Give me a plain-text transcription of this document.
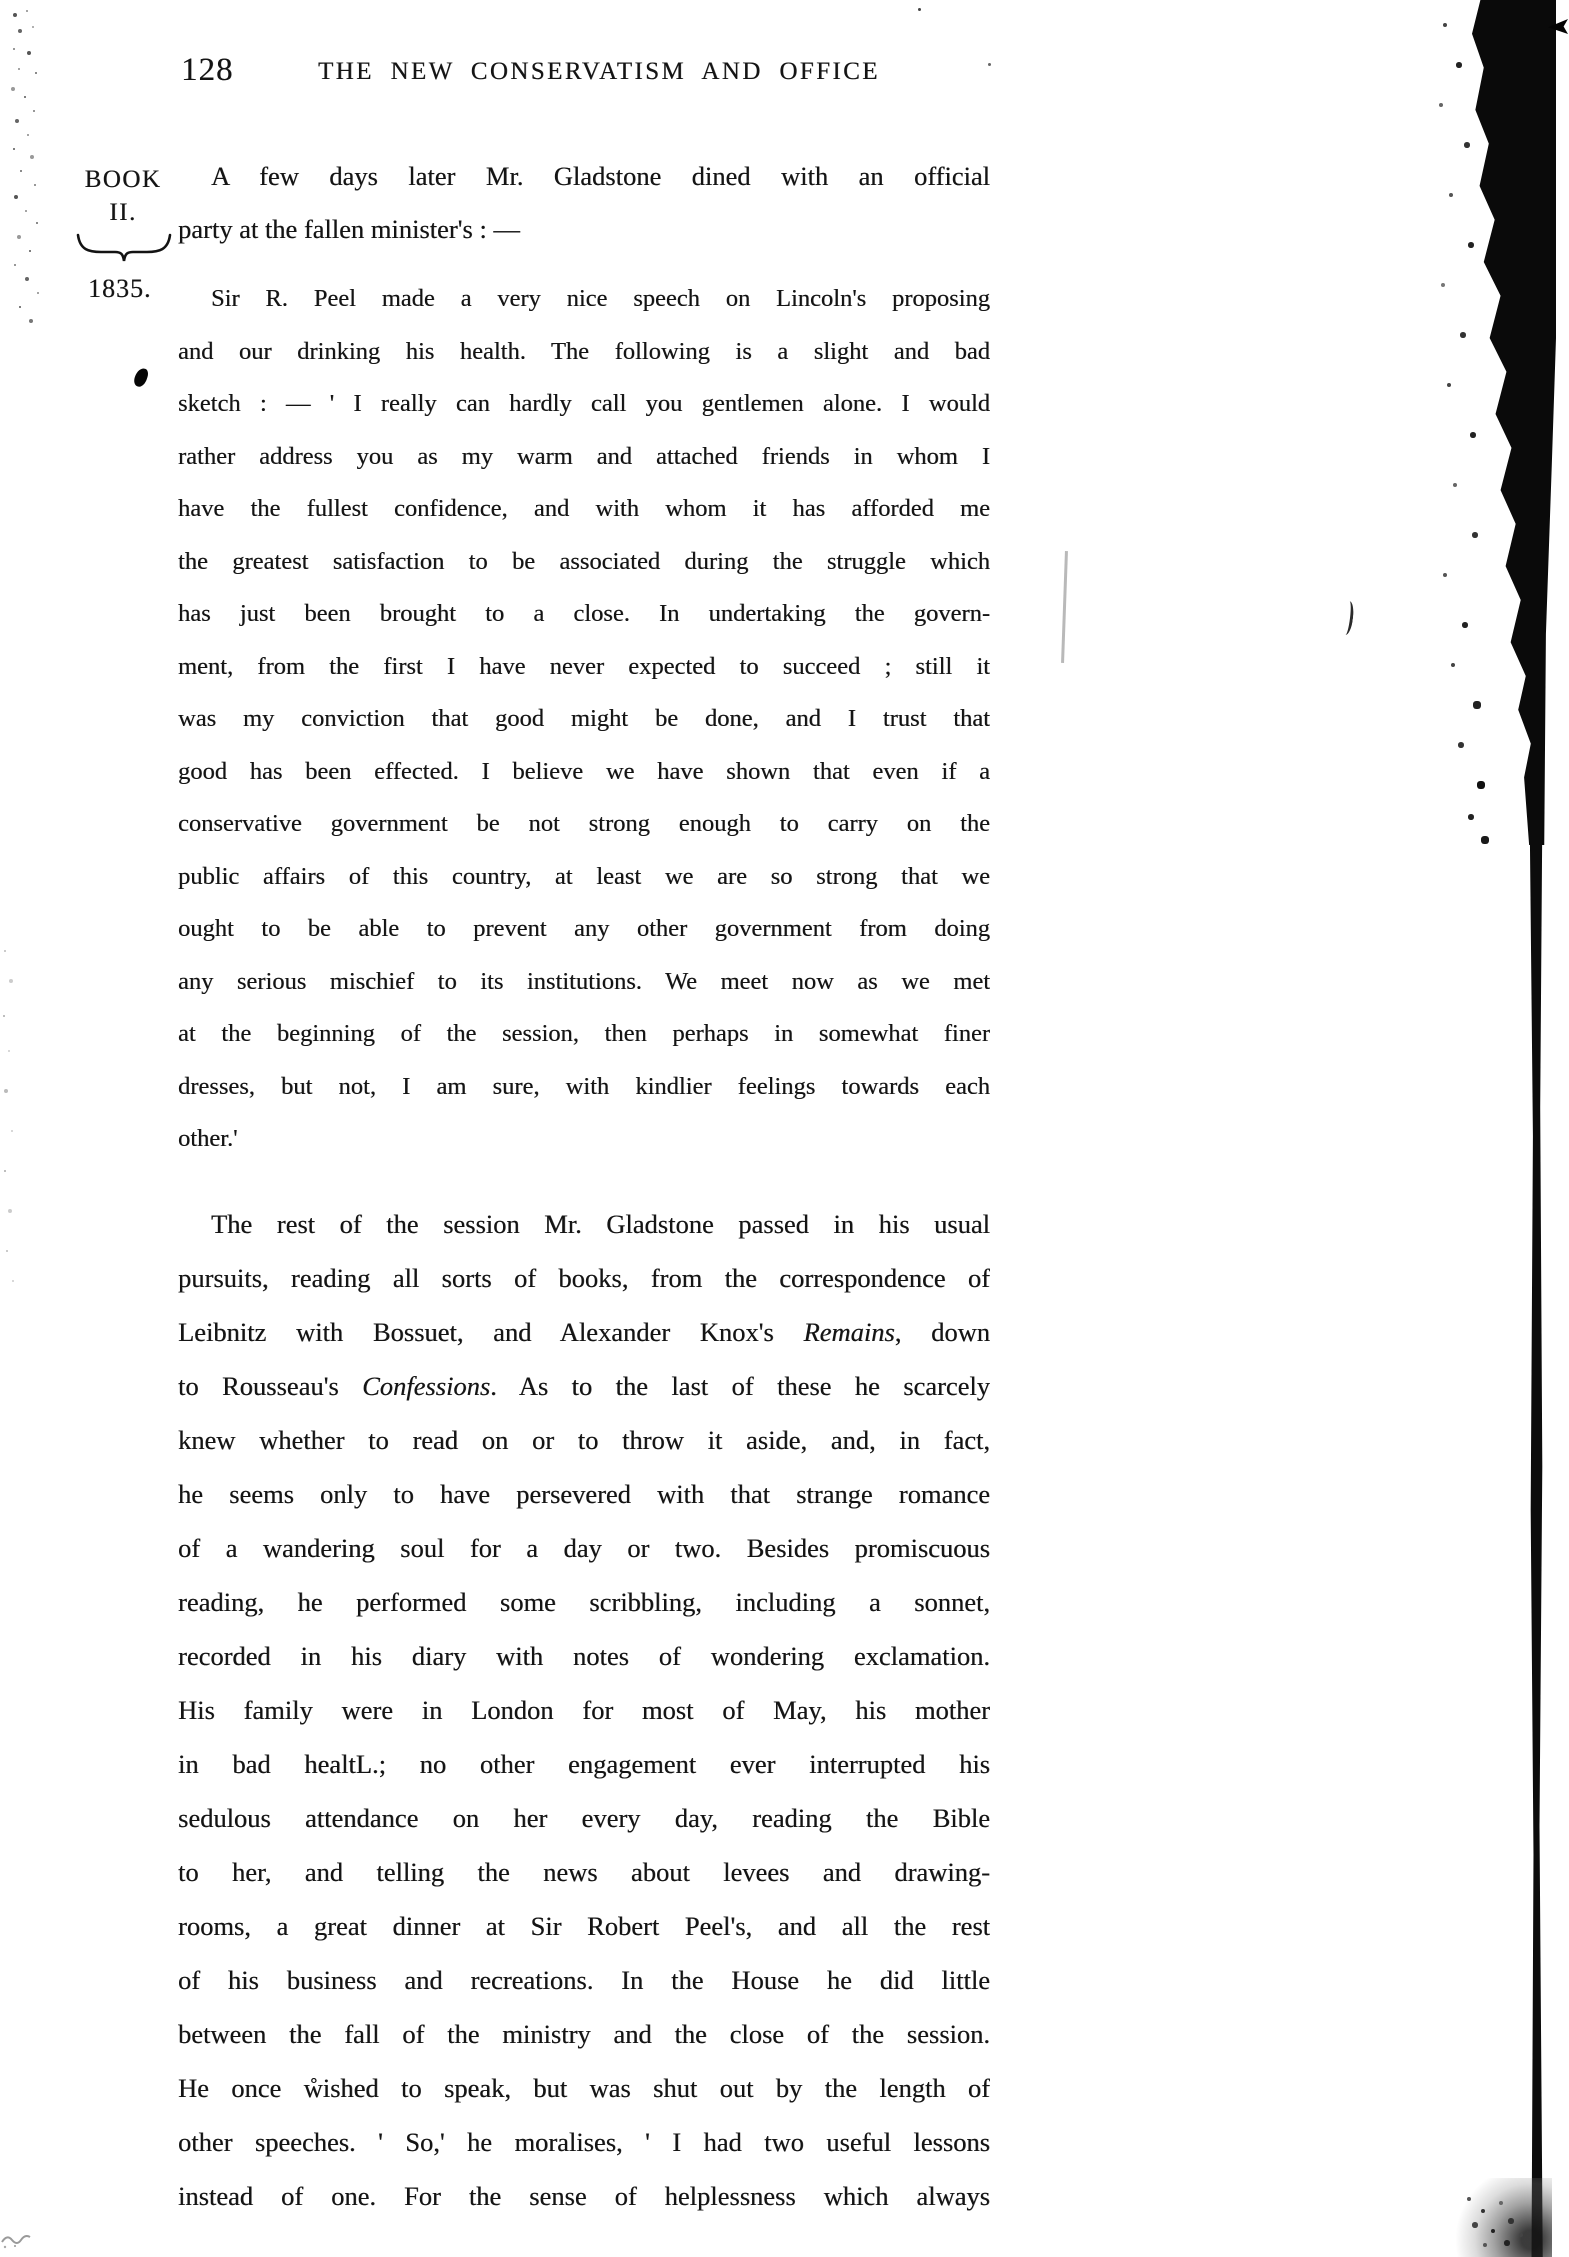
128	THE NEW CONSERVATISM AND OFFICE
BOOK
II.
1835.
A few days later Mr. Gladstone dined with an official
party at the fallen minister's : —
Sir R. Peel made a very nice speech on Lincoln's proposing
and our drinking his health. The following is a slight and bad
sketch : — ' I really can hardly call you gentlemen alone. I would
rather address you as my warm and attached friends in whom I
have the fullest confidence, and with whom it has afforded me
the greatest satisfaction to be associated during the struggle which
has just been brought to a close. In undertaking the govern-
ment, from the first I have never expected to succeed ; still it
was my conviction that good might be done, and I trust that
good has been effected. I believe we have shown that even if a
conservative government be not strong enough to carry on the
public affairs of this country, at least we are so strong that we
ought to be able to prevent any other government from doing
any serious mischief to its institutions. We meet now as we met
at the beginning of the session, then perhaps in somewhat finer
dresses, but not, I am sure, with kindlier feelings towards each
other.'
The rest of the session Mr. Gladstone passed in his usual
pursuits, reading all sorts of books, from the correspondence of
Leibnitz with Bossuet, and Alexander Knox's Remains, down
to Rousseau's Confessions. As to the last of these he scarcely
knew whether to read on or to throw it aside, and, in fact,
he seems only to have persevered with that strange romance
of a wandering soul for a day or two. Besides promiscuous
reading, he performed some scribbling, including a sonnet,
recorded in his diary with notes of wondering exclamation.
His family were in London for most of May, his mother
in bad healtL.; no other engagement ever interrupted his
sedulous attendance on her every day, reading the Bible
to her, and telling the news about levees and drawing-
rooms, a great dinner at Sir Robert Peel's, and all the rest
of his business and recreations. In the House he did little
between the fall of the ministry and the close of the session.
He once ẘished to speak, but was shut out by the length of
other speeches. ' So,' he moralises, ' I had two useful lessons
instead of one. For the sense of helplessness which always
